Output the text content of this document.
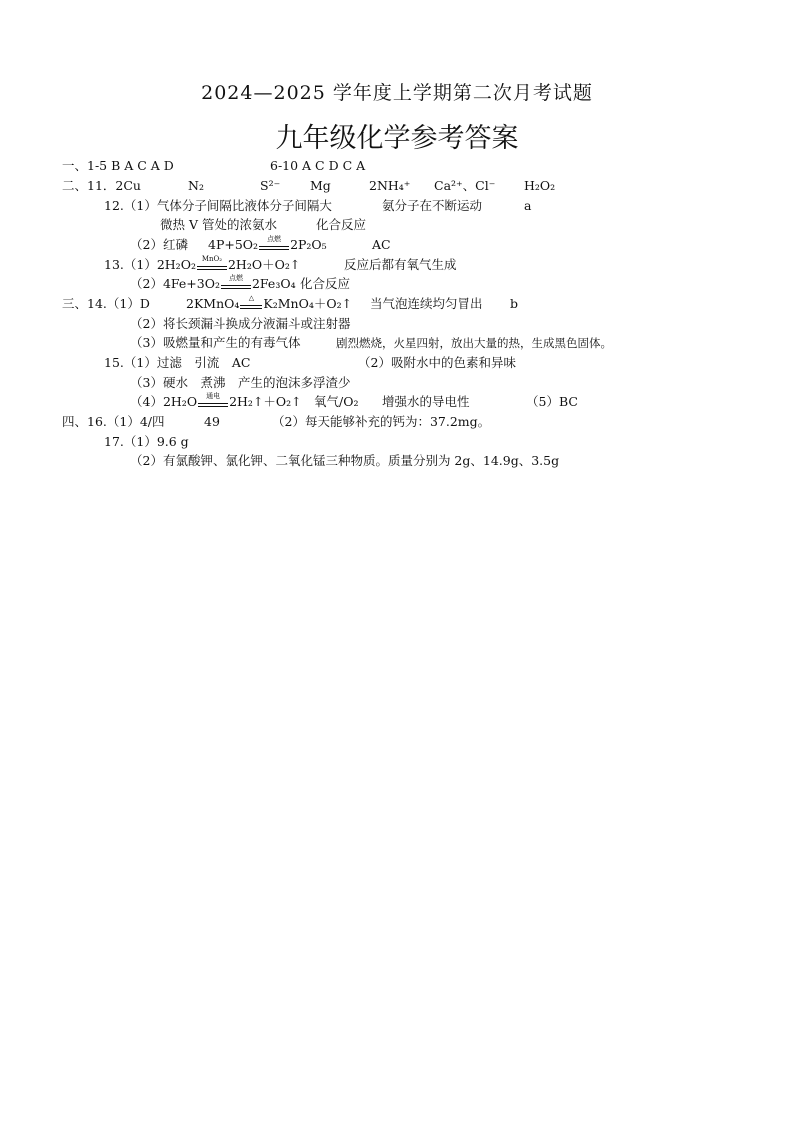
2024—2025 学年度上学期第二次月考试题
九年级化学参考答案
一、1-5 B A C A D	6-10 A C D C A
二、11．2Cu	N₂	S²⁻ Mg	2NH₄⁺ Ca²⁺、Cl⁻ H₂O₂
12.（1）气体分子间隔比液体分子间隔大	氨分子在不断运动	a
微热 V 管处的浓氨水	化合反应
（2）红磷 4P+5O₂	点燃 2P₂O₅	AC
13.（1）2H₂O₂ MnO₂ 2H₂O＋O₂↑	反应后都有氧气生成
（2）4Fe+3O₂	点燃 2Fe₃O₄ 化合反应
三、14.（1）D	2KMnO₄	△ K₂MnO₄＋O₂↑ 当气泡连续均匀冒出 b
（2）将长颈漏斗换成分液漏斗或注射器
（3）吸燃量和产生的有毒气体	剧烈燃烧，火星四射，放出大量的热，生成黑色固体。
15.（1）过滤　引流　AC	（2）吸附水中的色素和异味
（3）硬水　煮沸　产生的泡沫多浮渣少
（4）2H₂O	通电 2H₂↑＋O₂↑ 氧气/O₂ 增强水的导电性	（5）BC
四、16.（1）4/四	49	（2）每天能够补充的钙为：37.2mg。
17.（1）9.6 g
（2）有氯酸钾、氯化钾、二氧化锰三种物质。质量分别为 2g、14.9g、3.5g
